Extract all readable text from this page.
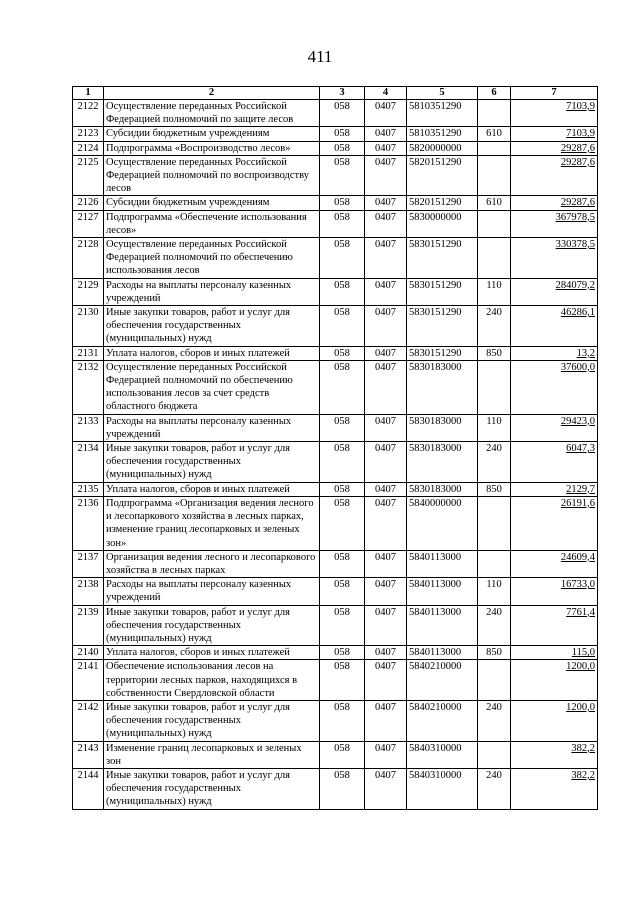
411
1	2	3	4	5	6	7
2122	Осуществление переданных Российской Федерацией полномочий по защите лесов	058	0407	5810351290		7103,9
2123	Субсидии бюджетным учреждениям	058	0407	5810351290	610	7103,9
2124	Подпрограмма «Воспроизводство лесов»	058	0407	5820000000		29287,6
2125	Осуществление переданных Российской Федерацией полномочий по воспроизводству лесов	058	0407	5820151290		29287,6
2126	Субсидии бюджетным учреждениям	058	0407	5820151290	610	29287,6
2127	Подпрограмма «Обеспечение использования лесов»	058	0407	5830000000		367978,5
2128	Осуществление переданных Российской Федерацией полномочий по обеспечению использования лесов	058	0407	5830151290		330378,5
2129	Расходы на выплаты персоналу казенных учреждений	058	0407	5830151290	110	284079,2
2130	Иные закупки товаров, работ и услуг для обеспечения государственных (муниципальных) нужд	058	0407	5830151290	240	46286,1
2131	Уплата налогов, сборов и иных платежей	058	0407	5830151290	850	13,2
2132	Осуществление переданных Российской Федерацией полномочий по обеспечению использования лесов за счет средств областного бюджета	058	0407	5830183000		37600,0
2133	Расходы на выплаты персоналу казенных учреждений	058	0407	5830183000	110	29423,0
2134	Иные закупки товаров, работ и услуг для обеспечения государственных (муниципальных) нужд	058	0407	5830183000	240	6047,3
2135	Уплата налогов, сборов и иных платежей	058	0407	5830183000	850	2129,7
2136	Подпрограмма «Организация ведения лесного и лесопаркового хозяйства в лесных парках, изменение границ лесопарковых и зеленых зон»	058	0407	5840000000		26191,6
2137	Организация ведения лесного и лесопаркового хозяйства в лесных парках	058	0407	5840113000		24609,4
2138	Расходы на выплаты персоналу казенных учреждений	058	0407	5840113000	110	16733,0
2139	Иные закупки товаров, работ и услуг для обеспечения государственных (муниципальных) нужд	058	0407	5840113000	240	7761,4
2140	Уплата налогов, сборов и иных платежей	058	0407	5840113000	850	115,0
2141	Обеспечение использования лесов на территории лесных парков, находящихся в собственности Свердловской области	058	0407	5840210000		1200,0
2142	Иные закупки товаров, работ и услуг для обеспечения государственных (муниципальных) нужд	058	0407	5840210000	240	1200,0
2143	Изменение границ лесопарковых и зеленых зон	058	0407	5840310000		382,2
2144	Иные закупки товаров, работ и услуг для обеспечения государственных (муниципальных) нужд	058	0407	5840310000	240	382,2
